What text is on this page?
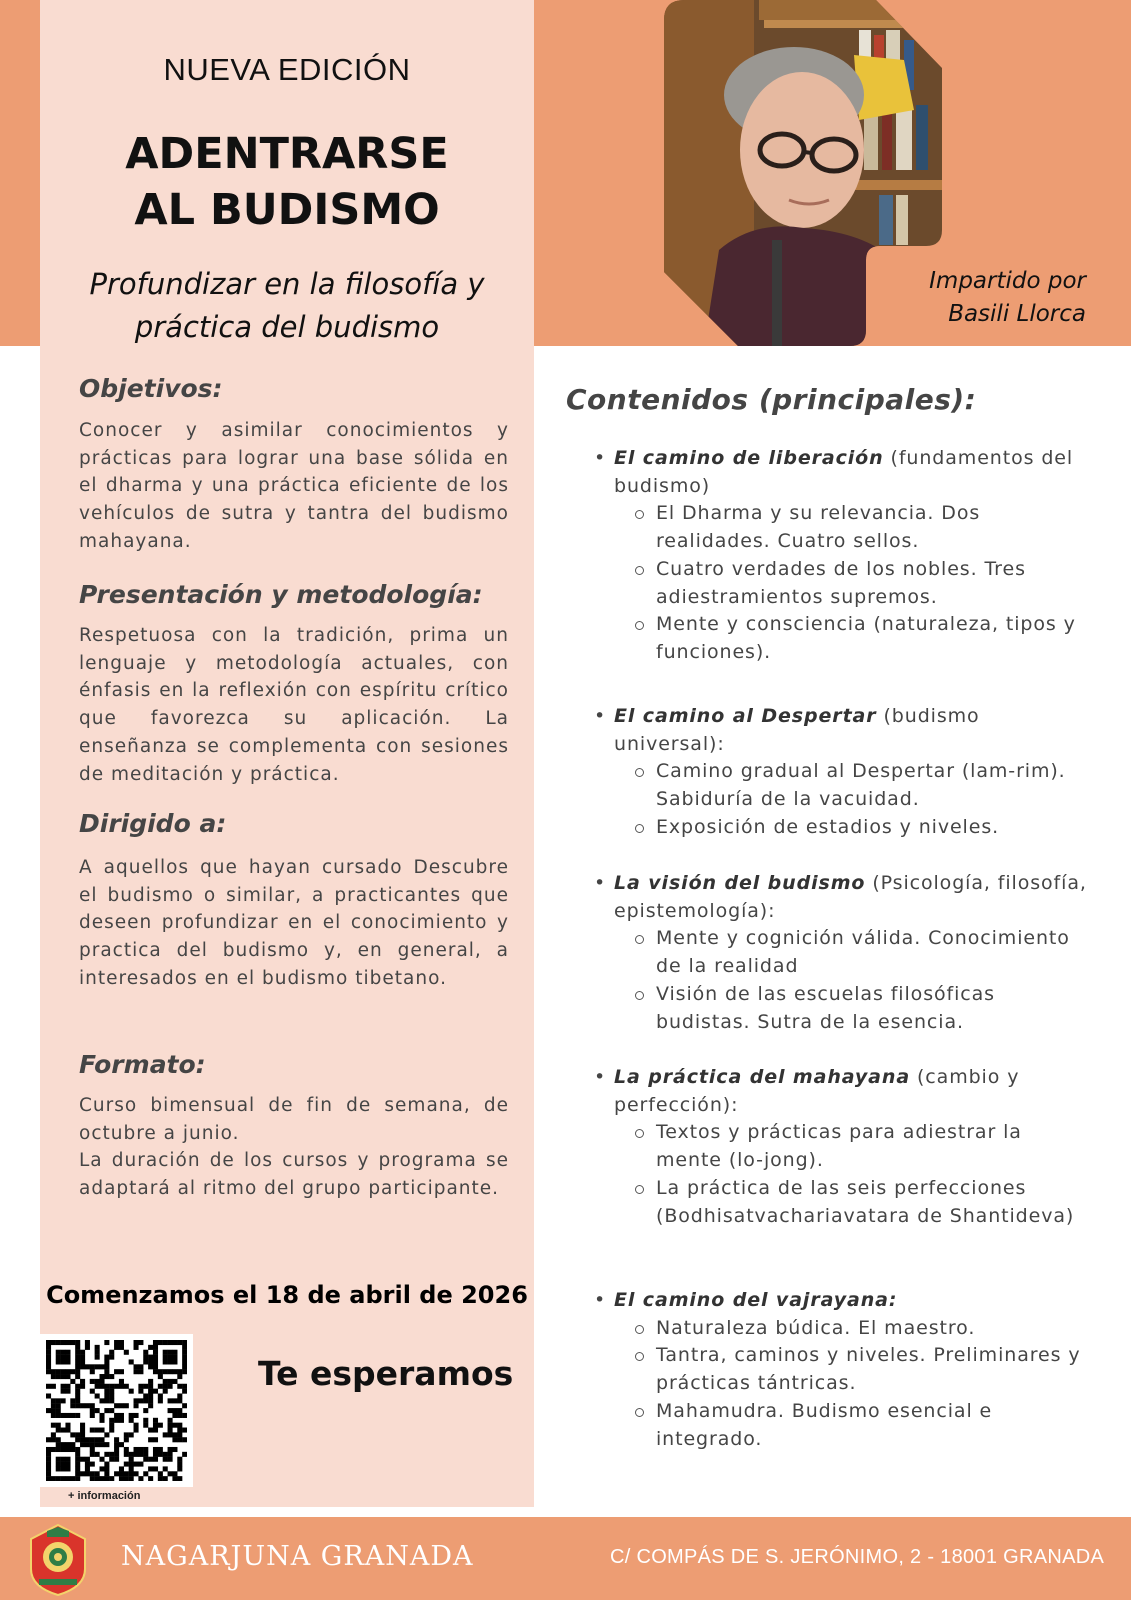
NUEVA EDICIÓN
ADENTRARSE
AL BUDISMO
Profundizar en la filosofía y
práctica del budismo
Objetivos:
Conocer y asimilar conocimientos y prácticas para lograr una base sólida en el dharma y una práctica eficiente de los vehículos de sutra y tantra del budismo mahayana.
Presentación y metodología:
Respetuosa con la tradición, prima un lenguaje y metodología actuales, con énfasis en la reflexión con espíritu crítico que favorezca su aplicación. La enseñanza se complementa con sesiones de meditación y práctica.
Dirigido a:
A aquellos que hayan cursado Descubre el budismo o similar, a practicantes que deseen profundizar en el conocimiento y practica del budismo y, en general, a interesados en el budismo tibetano.
Formato:
Curso bimensual de fin de semana, de octubre a junio.
La duración de los cursos y programa se adaptará al ritmo del grupo participante.
Comenzamos el 18 de abril de 2026
+ información
Te esperamos
Impartido por
Basili Llorca
Contenidos (principales):
• El camino de liberación (fundamentos del budismo)
El Dharma y su relevancia. Dos realidades. Cuatro sellos.
Cuatro verdades de los nobles. Tres adiestramientos supremos.
Mente y consciencia (naturaleza, tipos y funciones).
• El camino al Despertar (budismo universal):
Camino gradual al Despertar (lam-rim). Sabiduría de la vacuidad.
Exposición de estadios y niveles.
• La visión del budismo (Psicología, filosofía, epistemología):
Mente y cognición válida. Conocimiento de la realidad
Visión de las escuelas filosóficas budistas. Sutra de la esencia.
• La práctica del mahayana (cambio y perfección):
Textos y prácticas para adiestrar la mente (lo-jong).
La práctica de las seis perfecciones (Bodhisatvachariavatara de Shantideva)
• El camino del vajrayana:
Naturaleza búdica. El maestro.
Tantra, caminos y niveles. Preliminares y prácticas tántricas.
Mahamudra. Budismo esencial e integrado.
NAGARJUNA GRANADA	C/ COMPÁS DE S. JERÓNIMO, 2 - 18001 GRANADA
